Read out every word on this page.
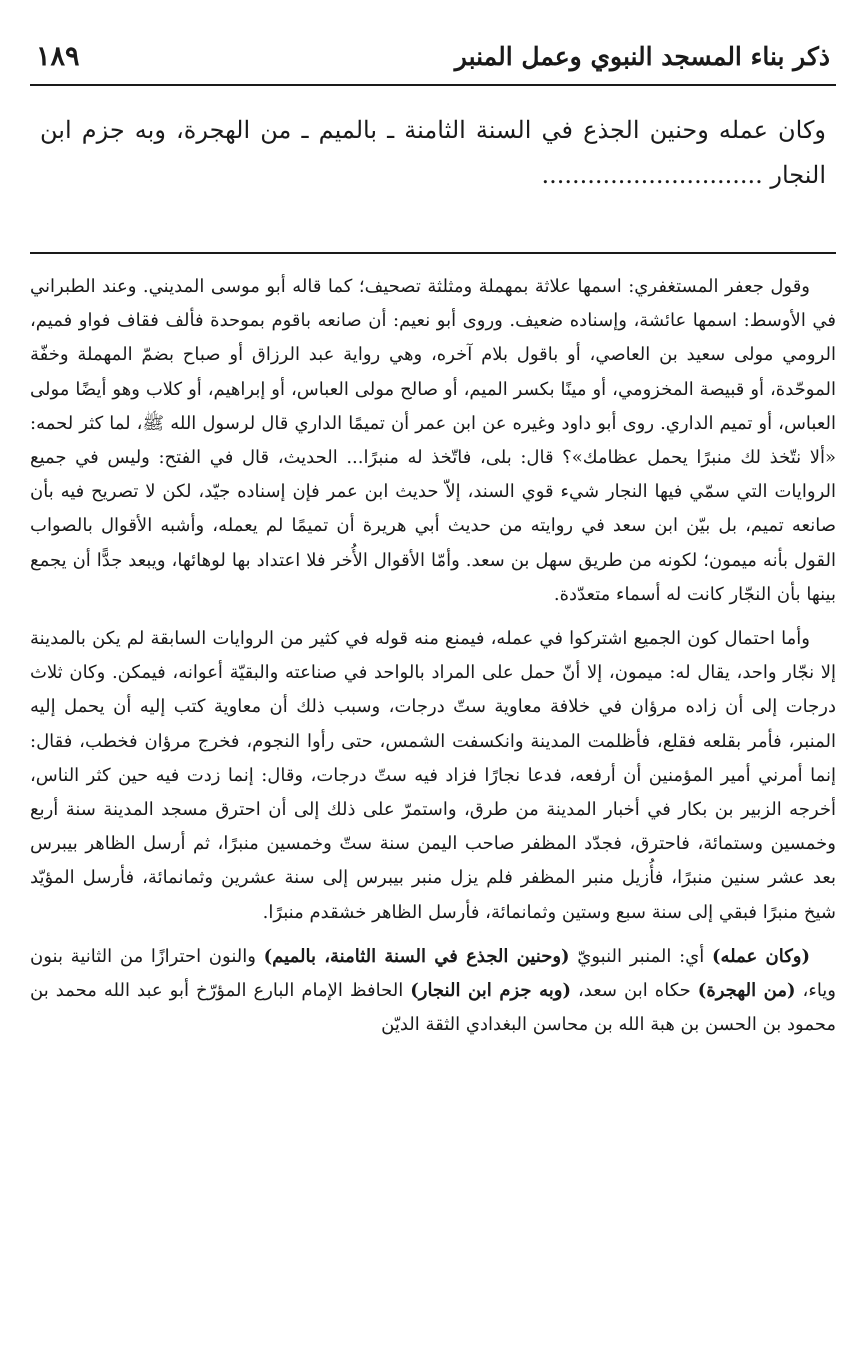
ذكر بناء المسجد النبوي وعمل المنبر
١٨٩
وكان عمله وحنين الجذع في السنة الثامنة ـ بالميم ـ من الهجرة، وبه جزم ابن النجار .............................

وقول جعفر المستغفري: اسمها علاثة بمهملة ومثلثة تصحيف؛ كما قاله أبو موسى المديني. وعند الطبراني في الأوسط: اسمها عائشة، وإسناده ضعيف. وروى أبو نعيم: أن صانعه باقوم بموحدة فألف فقاف فواو فميم، الرومي مولى سعيد بن العاصي، أو باقول بلام آخره، وهي رواية عبد الرزاق أو صباح بضمّ المهملة وخفّة الموحّدة، أو قبيصة المخزومي، أو مينًا بكسر الميم، أو صالح مولى العباس، أو إبراهيم، أو كلاب وهو أيضًا مولى العباس، أو تميم الداري. روى أبو داود وغيره عن ابن عمر أن تميمًا الداري قال لرسول الله ﷺ، لما كثر لحمه: «ألا نتّخذ لك منبرًا يحمل عظامك»؟ قال: بلى، فاتّخذ له منبرًا... الحديث، قال في الفتح: وليس في جميع الروايات التي سمّي فيها النجار شيء قوي السند، إلاّ حديث ابن عمر فإن إسناده جيّد، لكن لا تصريح فيه بأن صانعه تميم، بل بيّن ابن سعد في روايته من حديث أبي هريرة أن تميمًا لم يعمله، وأشبه الأقوال بالصواب القول بأنه ميمون؛ لكونه من طريق سهل بن سعد. وأمّا الأقوال الأُخر فلا اعتداد بها لوهائها، ويبعد جدًّا أن يجمع بينها بأن النجّار كانت له أسماء متعدّدة.

وأما احتمال كون الجميع اشتركوا في عمله، فيمنع منه قوله في كثير من الروايات السابقة لم يكن بالمدينة إلا نجّار واحد، يقال له: ميمون، إلا أنّ حمل على المراد بالواحد في صناعته والبقيّة أعوانه، فيمكن. وكان ثلاث درجات إلى أن زاده مرؤان في خلافة معاوية ستّ درجات، وسبب ذلك أن معاوية كتب إليه أن يحمل إليه المنبر، فأمر بقلعه فقلع، فأظلمت المدينة وانكسفت الشمس، حتى رأوا النجوم، فخرج مرؤان فخطب، فقال: إنما أمرني أمير المؤمنين أن أرفعه، فدعا نجارًا فزاد فيه ستّ درجات، وقال: إنما زدت فيه حين كثر الناس، أخرجه الزبير بن بكار في أخبار المدينة من طرق، واستمرّ على ذلك إلى أن احترق مسجد المدينة سنة أربع وخمسين وستمائة، فاحترق، فجدّد المظفر صاحب اليمن سنة ستّ وخمسين منبرًا، ثم أرسل الظاهر بيبرس بعد عشر سنين منبرًا، فأُزيل منبر المظفر فلم يزل منبر بيبرس إلى سنة عشرين وثمانمائة، فأرسل المؤيّد شيخ منبرًا فبقي إلى سنة سبع وستين وثمانمائة، فأرسل الظاهر خشقدم منبرًا.

(وكان عمله) أي: المنبر النبويّ (وحنين الجذع في السنة الثامنة، بالميم) والنون احترازًا من الثانية بنون وياء، (من الهجرة) حكاه ابن سعد، (وبه جزم ابن النجار) الحافظ الإمام البارع المؤرّخ أبو عبد الله محمد بن محمود بن الحسن بن هبة الله بن محاسن البغدادي الثقة الديّن
